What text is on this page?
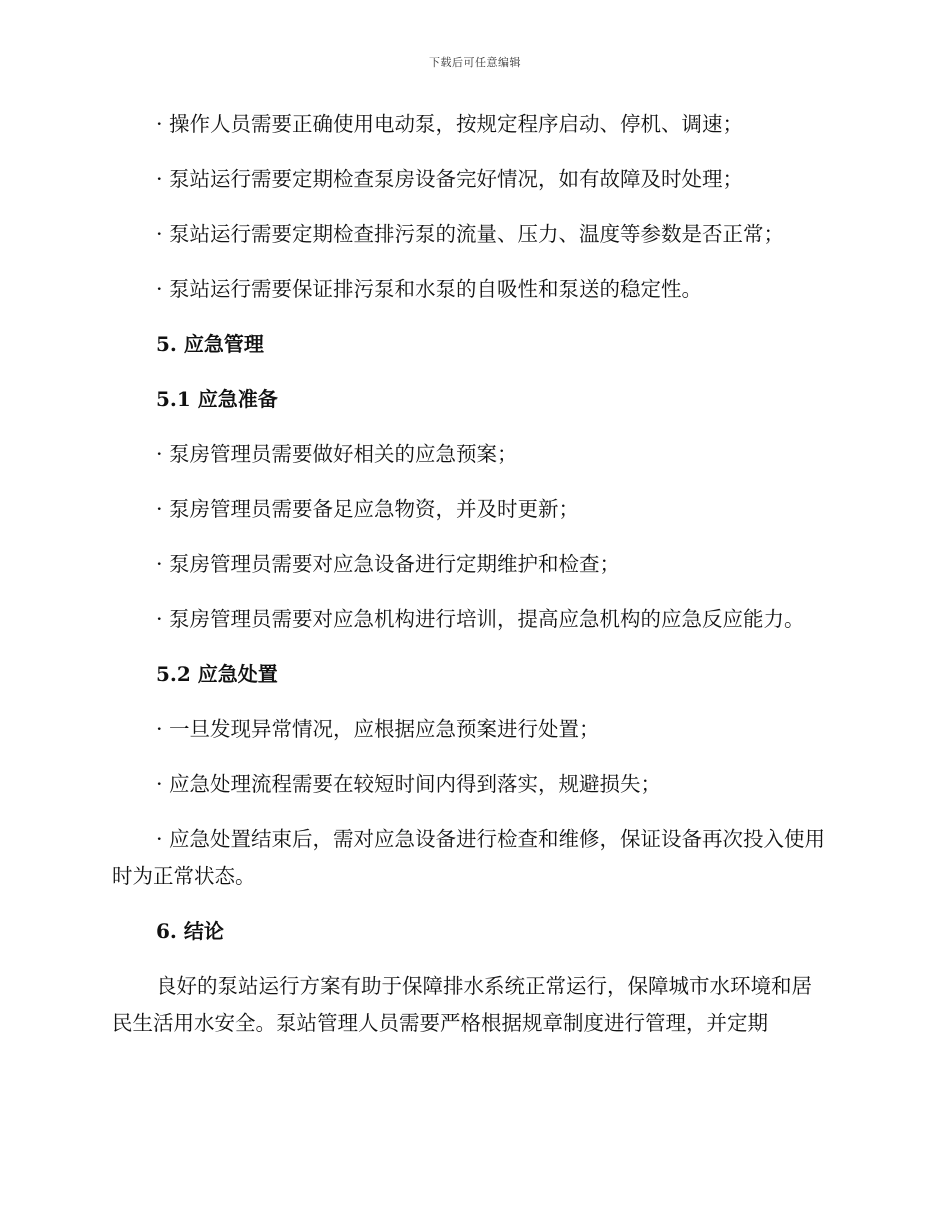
下载后可任意编辑

· 操作人员需要正确使用电动泵，按规定程序启动、停机、调速；

· 泵站运行需要定期检查泵房设备完好情况，如有故障及时处理；

· 泵站运行需要定期检查排污泵的流量、压力、温度等参数是否正常；

· 泵站运行需要保证排污泵和水泵的自吸性和泵送的稳定性。

5. 应急管理

5.1 应急准备

· 泵房管理员需要做好相关的应急预案；

· 泵房管理员需要备足应急物资，并及时更新；

· 泵房管理员需要对应急设备进行定期维护和检查；

· 泵房管理员需要对应急机构进行培训，提高应急机构的应急反应能力。

5.2 应急处置

· 一旦发现异常情况，应根据应急预案进行处置；

· 应急处理流程需要在较短时间内得到落实，规避损失；

· 应急处置结束后，需对应急设备进行检查和维修，保证设备再次投入使用时为正常状态。

6. 结论

良好的泵站运行方案有助于保障排水系统正常运行，保障城市水环境和居民生活用水安全。泵站管理人员需要严格根据规章制度进行管理，并定期
